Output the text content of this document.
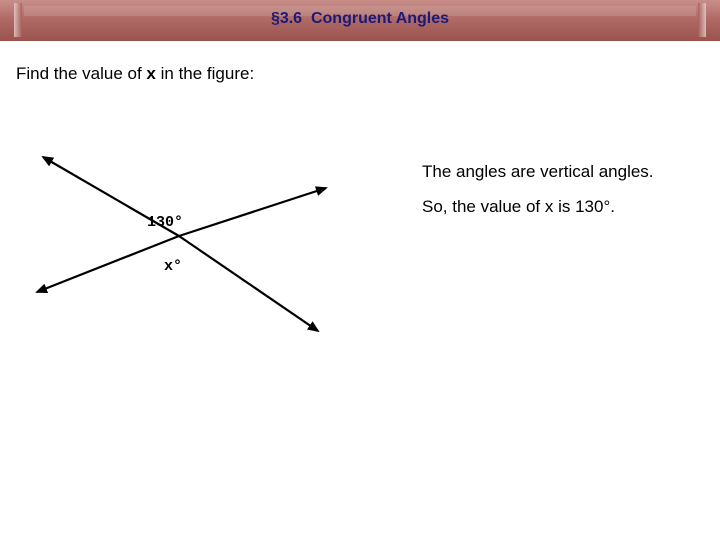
§3.6  Congruent Angles
Find the value of x in the figure:
130°
x°
The angles are vertical angles.
So, the value of x is 130°.
